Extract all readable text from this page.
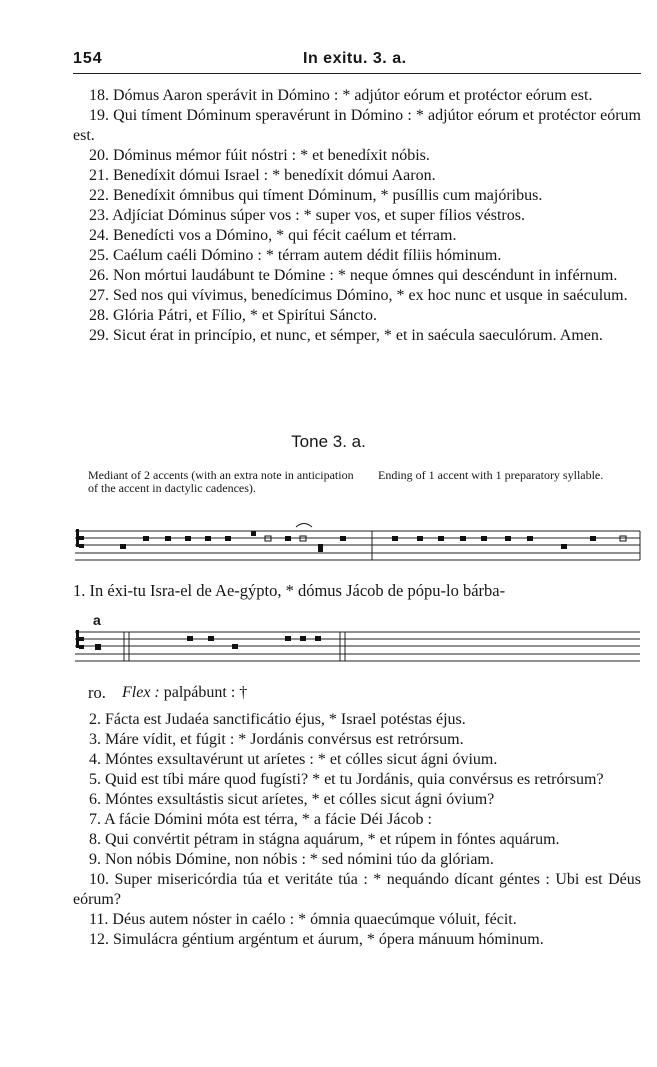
154	In exitu. 3. a.

18. Dómus Aaron sperávit in Dómino : * adjútor eórum et protéctor eórum est.

19. Qui tíment Dóminum speravérunt in Dómino : * adjútor eórum et protéctor eórum est.

20. Dóminus mémor fúit nóstri : * et benedíxit nóbis.

21. Benedíxit dómui Israel : * benedíxit dómui Aaron.

22. Benedíxit ómnibus qui tíment Dóminum, * pusíllis cum majóribus.

23. Adjíciat Dóminus súper vos : * super vos, et super fílios véstros.

24. Benedícti vos a Dómino, * qui fécit caélum et térram.

25. Caélum caéli Dómino : * térram autem dédit fíliis hóminum.

26. Non mórtui laudábunt te Dómine : * neque ómnes qui descéndunt in inférnum.

27. Sed nos qui vívimus, benedícimus Dómino, * ex hoc nunc et usque in saéculum.

28. Glória Pátri, et Fílio, * et Spirítui Sáncto.

29. Sicut érat in princípio, et nunc, et sémper, * et in saécula saeculórum. Amen.

Tone 3. a.
Mediant of 2 accents (with an extra note in anticipation of the accent in dactylic cadences).
Ending of 1 accent with 1 preparatory syllable.
1. In éxi-tu Isra-el de Ae-gýpto, * dómus Jácob de pópu-lo bárba-
a
ro.	Flex : palpábunt : †

2. Fácta est Judaéa sanctificátio éjus, * Israel potéstas éjus.

3. Máre vídit, et fúgit : * Jordánis convérsus est retrórsum.

4. Móntes exsultavérunt ut aríetes : * et cólles sicut ágni óvium.

5. Quid est tíbi máre quod fugísti? * et tu Jordánis, quia convérsus es retrórsum?

6. Móntes exsultástis sicut aríetes, * et cólles sicut ágni óvium?

7. A fácie Dómini móta est térra, * a fácie Déi Jácob :

8. Qui convértit pétram in stágna aquárum, * et rúpem in fóntes aquárum.

9. Non nóbis Dómine, non nóbis : * sed nómini túo da glóriam.

10. Super misericórdia túa et veritáte túa : * nequándo dícant géntes : Ubi est Déus eórum?

11. Déus autem nóster in caélo : * ómnia quaecúmque vóluit, fécit.

12. Simulácra géntium argéntum et áurum, * ópera mánuum hóminum.
